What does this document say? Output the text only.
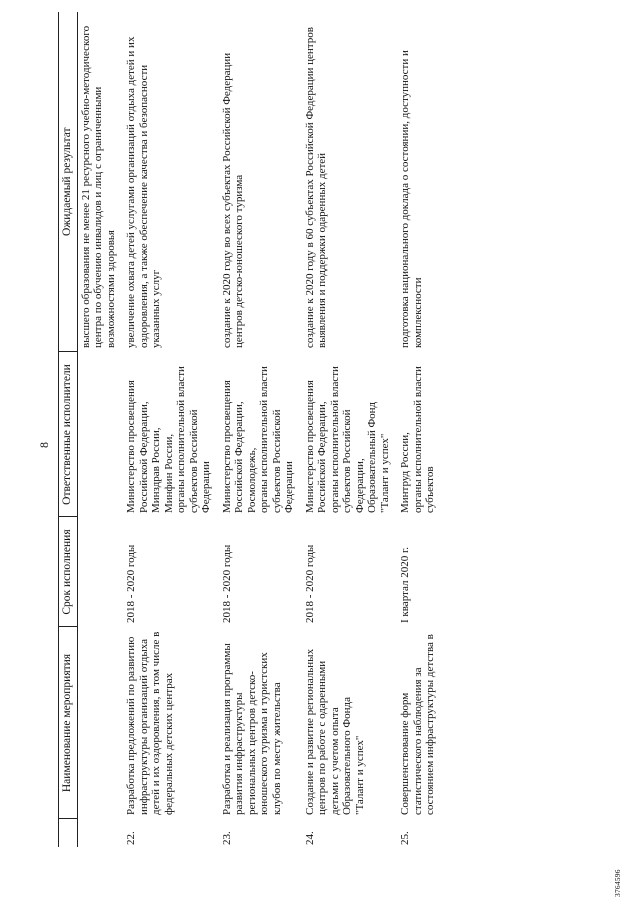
8
	Наименование мероприятия	Срок исполнения	Ответственные исполнители	Ожидаемый результат
				высшего образования не менее 21 ресурсного учебно-методического центра по обучению инвалидов и лиц с ограниченными возможностями здоровья
22.	Разработка предложений по развитию инфраструктуры организаций отдыха детей и их оздоровления, в том числе в федеральных детских центрах	2018 - 2020 годы	Министерство просвещения Российской Федерации,
Минздрав России,
Минфин России,
органы исполнительной власти субъектов Российской Федерации	увеличение охвата детей услугами организаций отдыха детей и их оздоровления, а также обеспечение качества и безопасности указанных услуг
23.	Разработка и реализация программы развития инфраструктуры региональных центров детско-юношеского туризма и туристских клубов по месту жительства	2018 - 2020 годы	Министерство просвещения Российской Федерации,
Росмолодежь,
органы исполнительной власти субъектов Российской Федерации	создание к 2020 году во всех субъектах Российской Федерации центров детско-юношеского туризма
24.	Создание и развитие региональных центров по работе с одаренными детьми с учетом опыта Образовательного Фонда
"Талант и успех"	2018 - 2020 годы	Министерство просвещения Российской Федерации,
органы исполнительной власти субъектов Российской Федерации,
Образовательный Фонд
"Талант и успех"	создание к 2020 году в 60 субъектах Российской Федерации центров выявления и поддержки одаренных детей
25.	Совершенствование форм статистического наблюдения за состоянием инфраструктуры детства в	I квартал 2020 г.	Минтруд России,
органы исполнительной власти субъектов	подготовка национального доклада о состоянии, доступности и комплексности
3764596
